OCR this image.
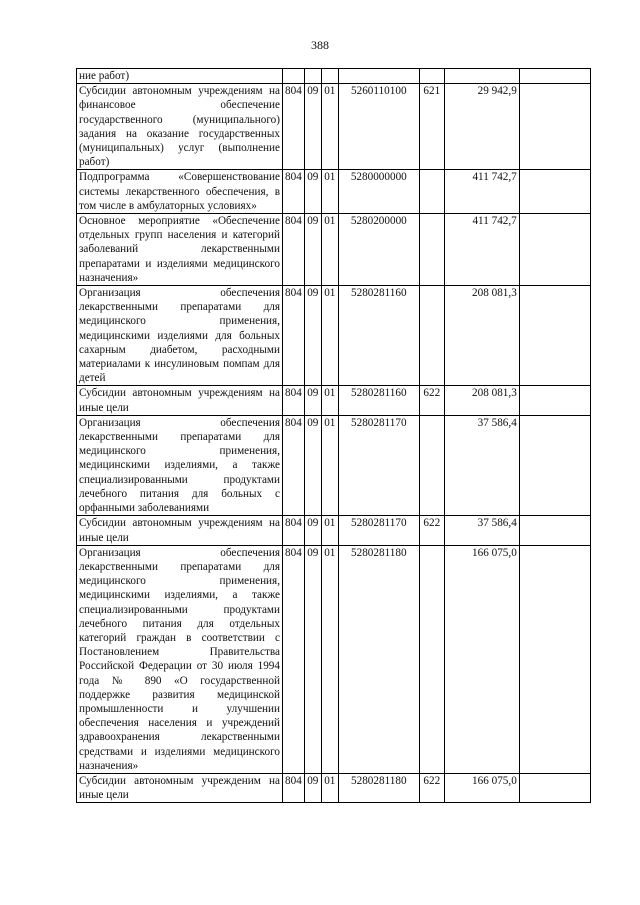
388
ние работ)							
Субсидии автономным учреждениям на финансовое обеспечение государственного (муниципального) задания на оказание государственных (муниципальных) услуг (выполнение работ)	804	09	01	5260110100	621	29 942,9	
Подпрограмма «Совершенствование системы лекарственного обеспечения, в том числе в амбулаторных условиях»	804	09	01	5280000000		411 742,7	
Основное мероприятие «Обеспечение отдельных групп населения и категорий заболеваний лекарственными препаратами и изделиями медицинского назначения»	804	09	01	5280200000		411 742,7	
Организация обеспечения лекарственными препаратами для медицинского применения, медицинскими изделиями для больных сахарным диабетом, расходными материалами к инсулиновым помпам для детей	804	09	01	5280281160		208 081,3	
Субсидии автономным учреждениям на иные цели	804	09	01	5280281160	622	208 081,3	
Организация обеспечения лекарственными препаратами для медицинского применения, медицинскими изделиями, а также специализированными продуктами лечебного питания для больных с орфанными заболеваниями	804	09	01	5280281170		37 586,4	
Субсидии автономным учреждениям на иные цели	804	09	01	5280281170	622	37 586,4	
Организация обеспечения лекарственными препаратами для медицинского применения, медицинскими изделиями, а также специализированными продуктами лечебного питания для отдельных категорий граждан в соответствии с Постановлением Правительства Российской Федерации от 30 июля 1994 года № 890 «О государственной поддержке развития медицинской промышленности и улучшении обеспечения населения и учреждений здравоохранения лекарственными средствами и изделиями медицинского назначения»	804	09	01	5280281180		166 075,0	
Субсидии автономным учрежденим на иные цели	804	09	01	5280281180	622	166 075,0	
